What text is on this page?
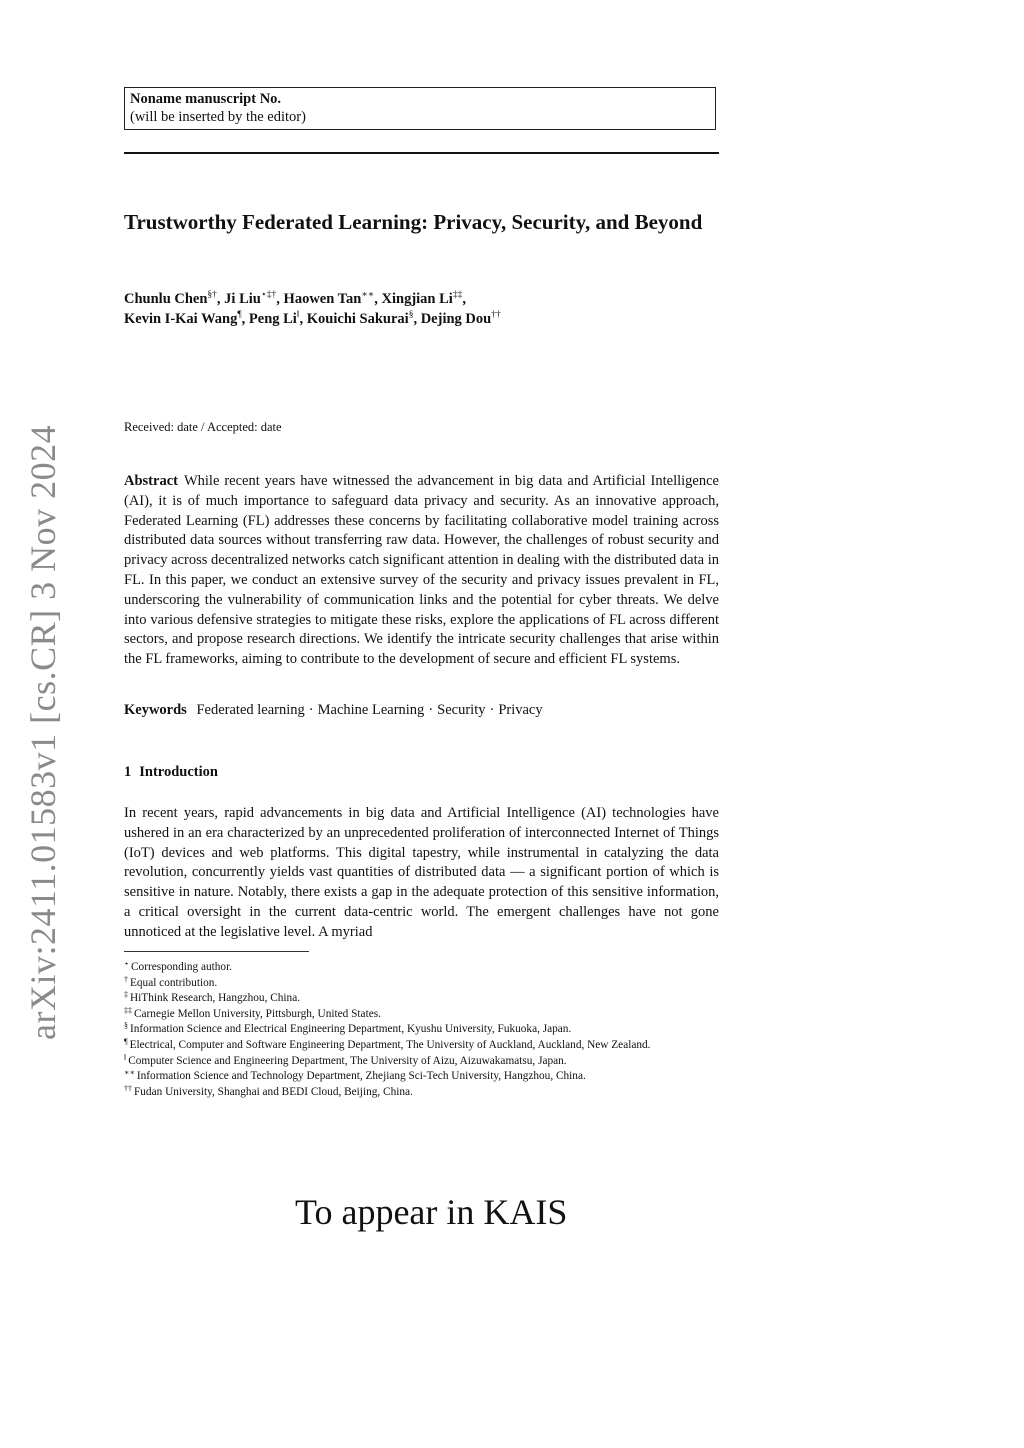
arXiv:2411.01583v1 [cs.CR] 3 Nov 2024
Noname manuscript No.
(will be inserted by the editor)
Trustworthy Federated Learning: Privacy, Security, and Beyond
Chunlu Chen§†, Ji Liu⋆‡†, Haowen Tan∗∗, Xingjian Li‡‡, Kevin I-Kai Wang¶, Peng Li‖, Kouichi Sakurai§, Dejing Dou††
Received: date / Accepted: date

Abstract While recent years have witnessed the advancement in big data and Artificial Intelligence (AI), it is of much importance to safeguard data privacy and security. As an innovative approach, Federated Learning (FL) addresses these concerns by facilitating collaborative model training across distributed data sources without transferring raw data. However, the challenges of robust security and privacy across decentralized networks catch significant attention in dealing with the distributed data in FL. In this paper, we conduct an extensive survey of the security and privacy issues prevalent in FL, underscoring the vulnerability of communication links and the potential for cyber threats. We delve into various defensive strategies to mitigate these risks, explore the applications of FL across different sectors, and propose research directions. We identify the intricate security challenges that arise within the FL frameworks, aiming to contribute to the development of secure and efficient FL systems.

Keywords Federated learning · Machine Learning · Security · Privacy
1 Introduction

In recent years, rapid advancements in big data and Artificial Intelligence (AI) technologies have ushered in an era characterized by an unprecedented proliferation of interconnected Internet of Things (IoT) devices and web platforms. This digital tapestry, while instrumental in catalyzing the data revolution, concurrently yields vast quantities of distributed data — a significant portion of which is sensitive in nature. Notably, there exists a gap in the adequate protection of this sensitive information, a critical oversight in the current data-centric world. The emergent challenges have not gone unnoticed at the legislative level. A myriad

⋆ Corresponding author.

† Equal contribution.

‡ HiThink Research, Hangzhou, China.

‡‡ Carnegie Mellon University, Pittsburgh, United States.

§ Information Science and Electrical Engineering Department, Kyushu University, Fukuoka, Japan.

¶ Electrical, Computer and Software Engineering Department, The University of Auckland, Auckland, New Zealand.

‖ Computer Science and Engineering Department, The University of Aizu, Aizuwakamatsu, Japan.

∗∗ Information Science and Technology Department, Zhejiang Sci-Tech University, Hangzhou, China.

†† Fudan University, Shanghai and BEDI Cloud, Beijing, China.

To appear in KAIS
